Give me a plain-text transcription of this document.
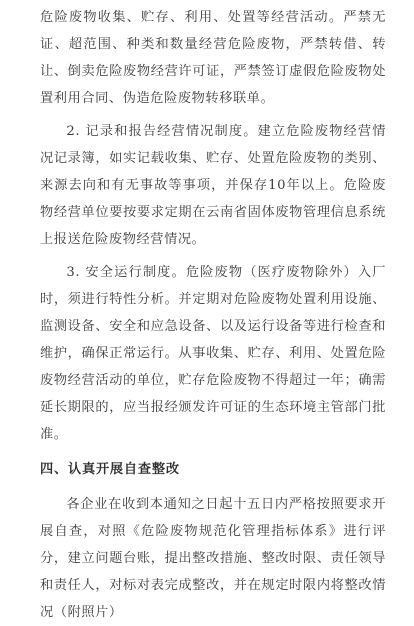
危险废物收集、贮存、利用、处置等经营活动。严禁无证、超范围、种类和数量经营危险废物，严禁转借、转让、倒卖危险废物经营许可证，严禁签订虚假危险废物处置利用合同、伪造危险废物转移联单。

2. 记录和报告经营情况制度。建立危险废物经营情况记录簿，如实记载收集、贮存、处置危险废物的类别、来源去向和有无事故等事项，并保存10年以上。危险废物经营单位要按要求定期在云南省固体废物管理信息系统上报送危险废物经营情况。

3. 安全运行制度。危险废物（医疗废物除外）入厂时，须进行特性分析。并定期对危险废物处置利用设施、监测设备、安全和应急设备、以及运行设备等进行检查和维护，确保正常运行。从事收集、贮存、利用、处置危险废物经营活动的单位，贮存危险废物不得超过一年；确需延长期限的，应当报经颁发许可证的生态环境主管部门批准。

四、认真开展自查整改

各企业在收到本通知之日起十五日内严格按照要求开展自查，对照《危险废物规范化管理指标体系》进行评分，建立问题台账，提出整改措施、整改时限、责任领导和责任人，对标对表完成整改，并在规定时限内将整改情况（附照片）
